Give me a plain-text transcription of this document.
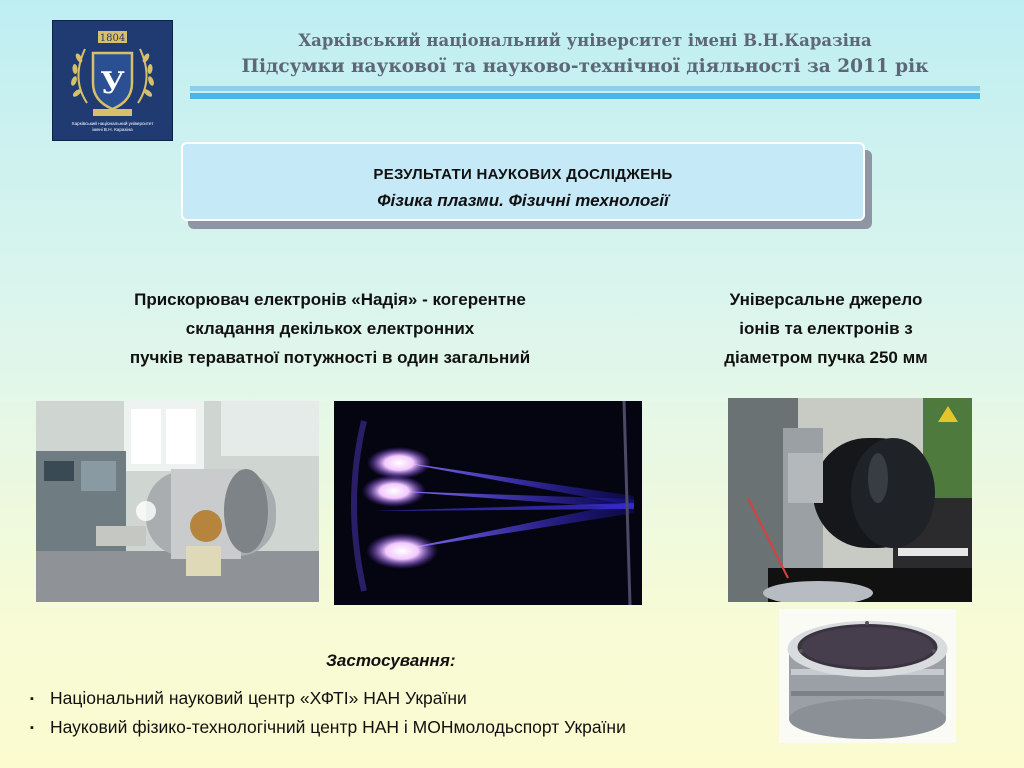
1804
У
Харківський національний університет
імені В.Н. Каразіна
Харківський національний університет імені В.Н.Каразіна
Підсумки наукової та науково-технічної діяльності за 2011 рік
РЕЗУЛЬТАТИ НАУКОВИХ ДОСЛІДЖЕНЬ
Фізика плазми. Фізичні технології
Прискорювач електронів «Надія» - когерентне
складання декількох електронних
пучків тераватної потужності в один загальний
Універсальне джерело
іонів та електронів з
діаметром пучка 250 мм
Застосування:
▪ Національний науковий центр «ХФТІ» НАН України
▪ Науковий фізико-технологічний центр НАН і МОНмолодьспорт України
